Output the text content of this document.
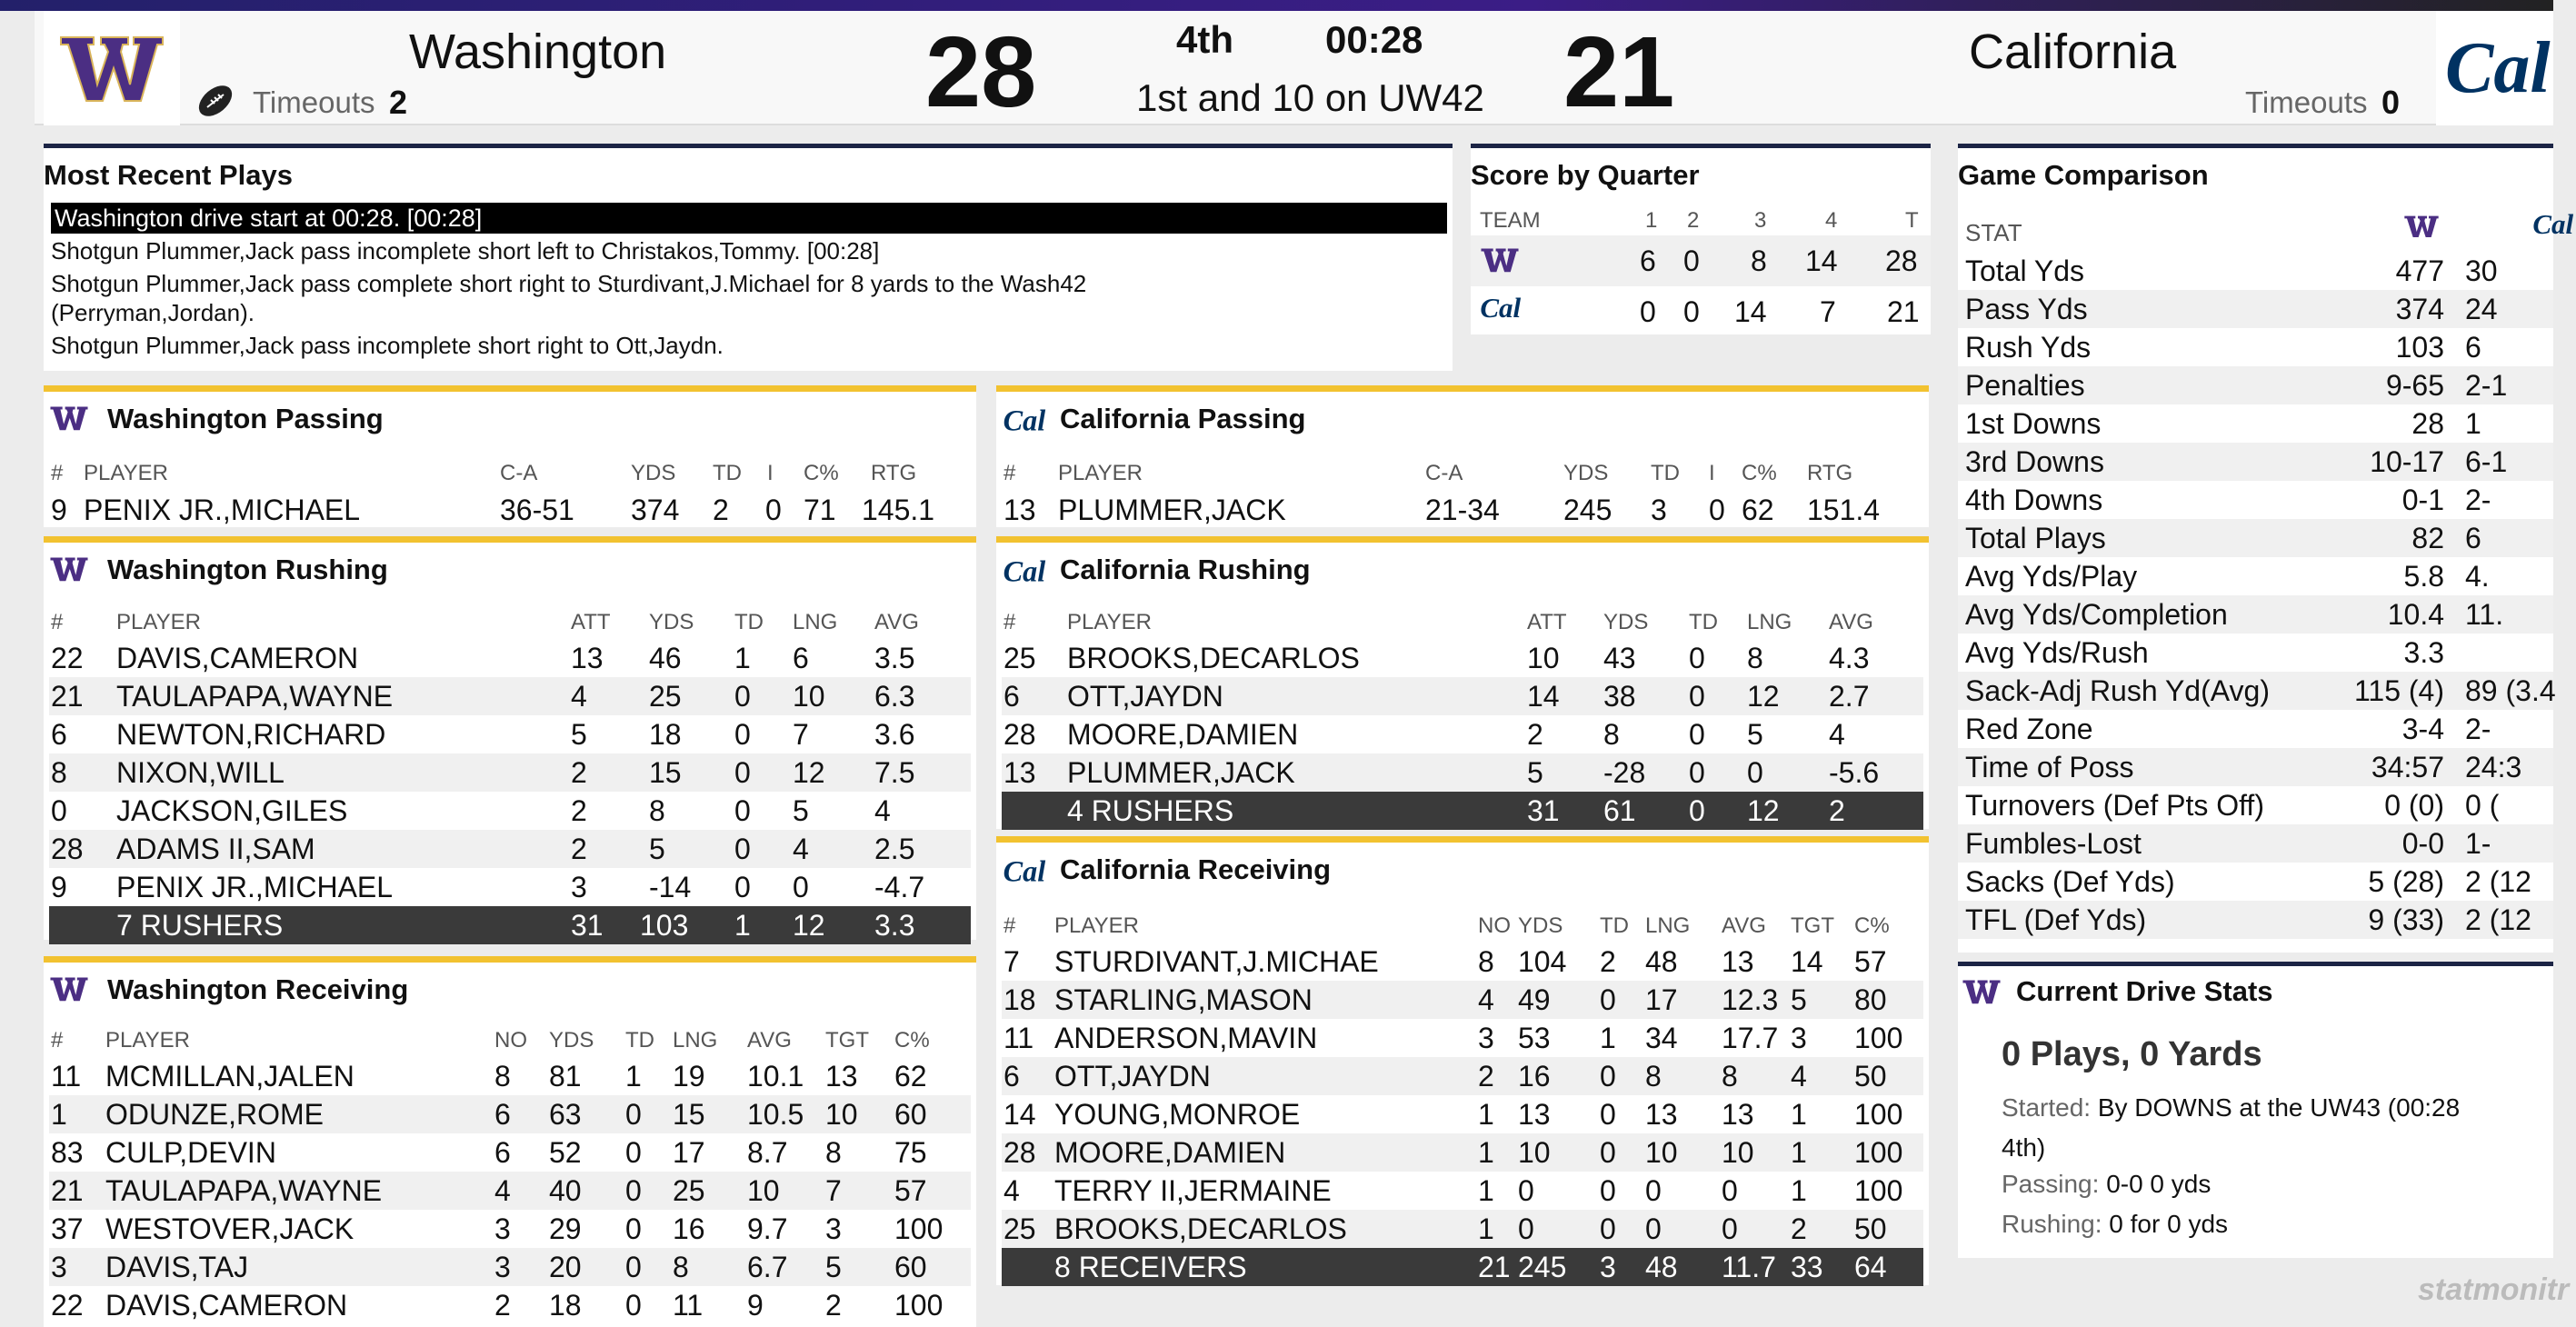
Washington
Timeouts 2	28	4th 00:28
1st and 10 on UW42 21	California
Timeouts 0 Cal
Most Recent Plays
Washington drive start at 00:28. [00:28]
Shotgun Plummer,Jack pass incomplete short left to Christakos,Tommy. [00:28]
Shotgun Plummer,Jack pass complete short right to Sturdivant,J.Michael for 8 yards to the Wash42
(Perryman,Jordan).
Shotgun Plummer,Jack pass incomplete short right to Ott,Jaydn.
Score by Quarter
TEAM	1 2	3	4	T
6 0 8 14 28
Cal	0 0 14 7 21
Game Comparison
STAT	Cal
Total Yds	477 30
Pass Yds	374 24
Rush Yds	103 6
Penalties	9-65 2-1
1st Downs	28 1
3rd Downs	10-17 6-1
4th Downs	0-1 2-
Total Plays	82 6
Avg Yds/Play	5.8 4.
Avg Yds/Completion	10.4 11.
Avg Yds/Rush	3.3
Sack-Adj Rush Yd(Avg)	115 (4) 89 (3.4
Red Zone	3-4 2-
Time of Poss	34:57 24:3
Turnovers (Def Pts Off)	0 (0) 0 (
Fumbles-Lost	0-0 1-
Sacks (Def Yds)	5 (28) 2 (12
TFL (Def Yds)	9 (33) 2 (12
Current Drive Stats
0 Plays, 0 Yards
Started: By DOWNS at the UW43 (00:28
4th)
Passing: 0-0 0 yds
Rushing: 0 for 0 yds
Washington Passing
# PLAYER	C-A	YDS TD I C% RTG
9 PENIX JR.,MICHAEL	36-51 374 2 0 71 145.1
Cal California Passing
# PLAYER	C-A	YDS TD I C% RTG
13 PLUMMER,JACK	21-34 245 3 0 62 151.4
Washington Rushing
# PLAYER	ATT YDS TD LNG AVG
22 DAVIS,CAMERON	13 46 1 6 3.5
21 TAULAPAPA,WAYNE	4 25 0 10 6.3
6 NEWTON,RICHARD	5 18 0 7 3.6
8 NIXON,WILL	2 15 0 12 7.5
0 JACKSON,GILES	2 8 0 5 4
28 ADAMS II,SAM	2 5 0 4 2.5
9 PENIX JR.,MICHAEL	3 -14 0 0 -4.7
7 RUSHERS	31 103 1 12 3.3
Cal California Rushing
# PLAYER	ATT YDS TD LNG AVG
25 BROOKS,DECARLOS	10 43 0 8 4.3
6 OTT,JAYDN	14 38 0 12 2.7
28 MOORE,DAMIEN	2 8 0 5 4
13 PLUMMER,JACK	5 -28 0 0 -5.6
4 RUSHERS	31 61 0 12 2
Washington Receiving
# PLAYER	NO YDS TD LNG AVG TGT C%
11 MCMILLAN,JALEN	8 81 1 19 10.1 13 62
1 ODUNZE,ROME	6 63 0 15 10.5 10 60
83 CULP,DEVIN	6 52 0 17 8.7 8 75
21 TAULAPAPA,WAYNE	4 40 0 25 10 7 57
37 WESTOVER,JACK	3 29 0 16 9.7 3 100
3 DAVIS,TAJ	3 20 0 8 6.7 5 60
22 DAVIS,CAMERON	2 18 0 11 9 2 100
Cal California Receiving
# PLAYER	NO YDS TD LNG AVG TGT C%
7 STURDIVANT,J.MICHAE	8 104 2 48 13 14 57
18 STARLING,MASON	4 49 0 17 12.3 5 80
11 ANDERSON,MAVIN	3 53 1 34 17.7 3 100
6 OTT,JAYDN	2 16 0 8 8 4 50
14 YOUNG,MONROE	1 13 0 13 13 1 100
28 MOORE,DAMIEN	1 10 0 10 10 1 100
4 TERRY II,JERMAINE	1 0 0 0 0 1 100
25 BROOKS,DECARLOS	1 0 0 0 0 2 50
8 RECEIVERS	21 245 3 48 11.7 33 64
statmonitr
